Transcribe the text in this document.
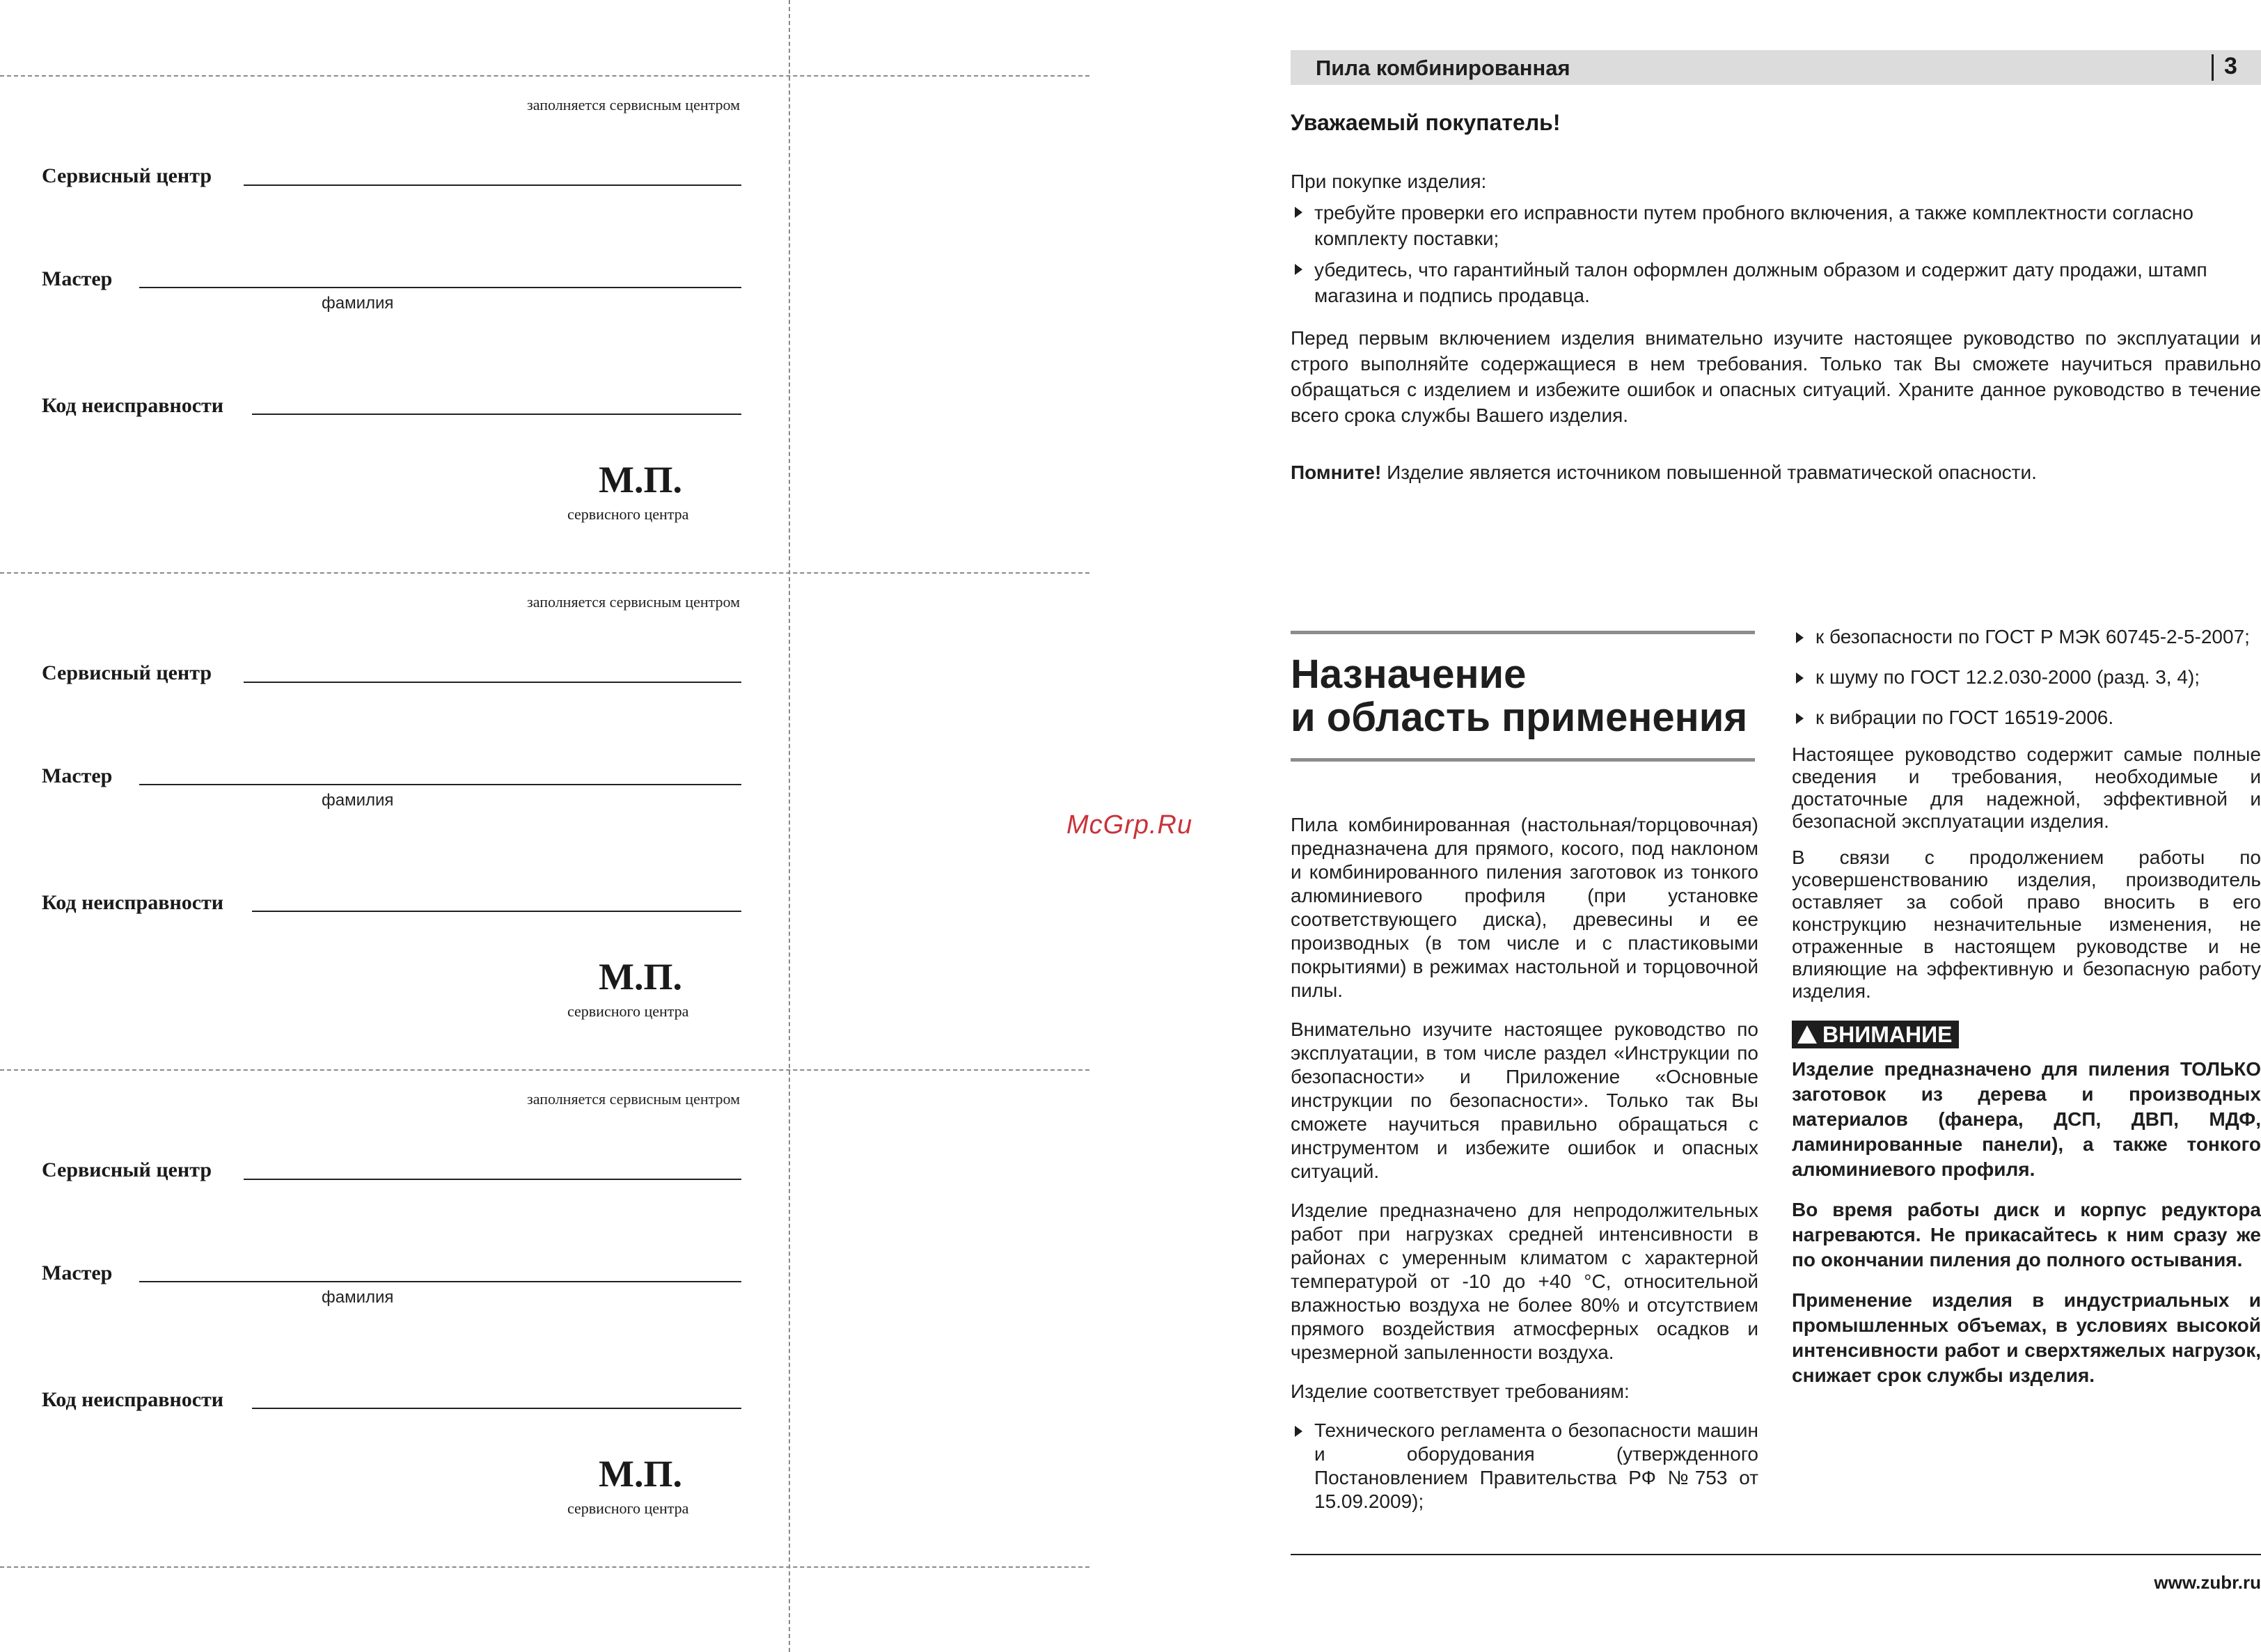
заполняется сервисным центром
Сервисный центр
Мастер
фамилия
Код неисправности
М.П.
сервисного центра
заполняется сервисным центром
Сервисный центр
Мастер
фамилия
Код неисправности
М.П.
сервисного центра
заполняется сервисным центром
Сервисный центр
Мастер
фамилия
Код неисправности
М.П.
сервисного центра
McGrp.Ru
Пила комбинированная	3
Уважаемый покупатель!

При покупке изделия:

требуйте проверки его исправности путем пробного включения, а также комплектности согласно комплекту поставки;

убедитесь, что гарантийный талон оформлен должным образом и содержит дату продажи, штамп магазина и подпись продавца.

Перед первым включением изделия внимательно изучите настоящее руководство по эксплуатации и строго выполняйте содержащиеся в нем требования. Только так Вы сможете научиться правильно обращаться с изделием и избежите ошибок и опасных ситуаций. Храните данное руководство в течение всего срока службы Вашего изделия.

Помните! Изделие является источником повышенной травматической опасности.

Назначение
и область применения

Пила комбинированная (настольная/торцовочная) предназначена для прямого, косого, под наклоном и комбинированного пиления заготовок из тонкого алюминиевого профиля (при установке соответствующего диска), древесины и ее производных (в том числе и с пластиковыми покрытиями) в режимах настольной и торцовочной пилы.

Внимательно изучите настоящее руководство по эксплуатации, в том числе раздел «Инструкции по безопасности» и Приложение «Основные инструкции по безопасности». Только так Вы сможете научиться правильно обращаться с инструментом и избежите ошибок и опасных ситуаций.

Изделие предназначено для непродолжительных работ при нагрузках средней интенсивности в районах с умеренным климатом с характерной температурой от -10 до +40 °С, относительной влажностью воздуха не более 80% и отсутствием прямого воздействия атмосферных осадков и чрезмерной запыленности воздуха.

Изделие соответствует требованиям:

Технического регламента о безопасности машин и оборудования (утвержденного Постановлением Правительства РФ №753 от 15.09.2009);

к безопасности по ГОСТ Р МЭК 60745-2-5-2007;

к шуму по ГОСТ 12.2.030-2000 (разд. 3, 4);

к вибрации по ГОСТ 16519-2006.

Настоящее руководство содержит самые полные сведения и требования, необходимые и достаточные для надежной, эффективной и безопасной эксплуатации изделия.

В связи с продолжением работы по усовершенствованию изделия, производитель оставляет за собой право вносить в его конструкцию незначительные изменения, не отраженные в настоящем руководстве и не влияющие на эффективную и безопасную работу изделия.

ВНИМАНИЕ

Изделие предназначено для пиления ТОЛЬКО заготовок из дерева и производных материалов (фанера, ДСП, ДВП, МДФ, ламинированные панели), а также тонкого алюминиевого профиля.

Во время работы диск и корпус редуктора нагреваются. Не прикасайтесь к ним сразу же по окончании пиления до полного остывания.

Применение изделия в индустриальных и промышленных объемах, в условиях высокой интенсивности работ и сверхтяжелых нагрузок, снижает срок службы изделия.

www.zubr.ru
